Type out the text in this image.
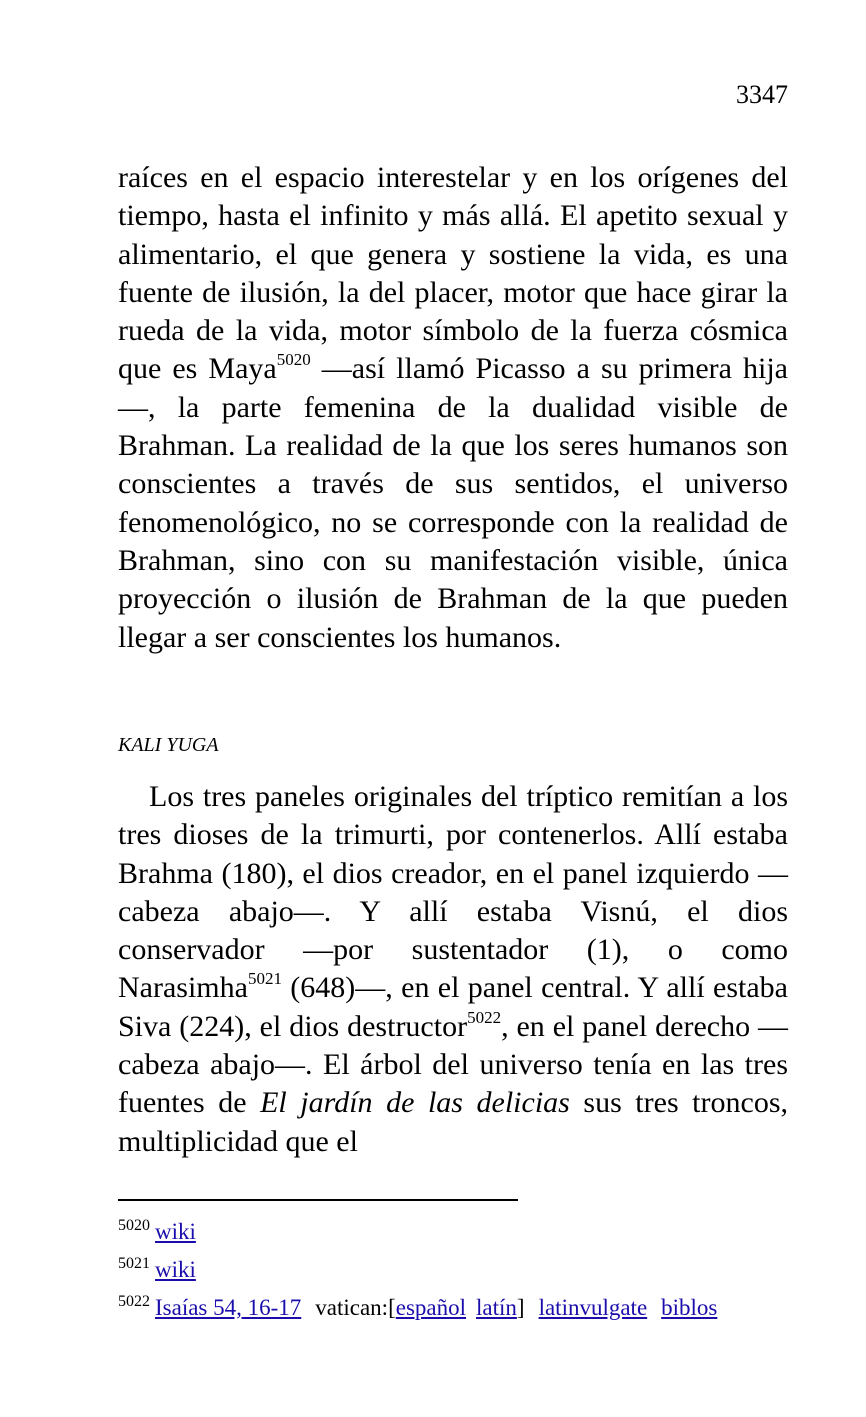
3347

raíces en el espacio interestelar y en los orígenes del tiempo, hasta el infinito y más allá. El apetito sexual y alimentario, el que genera y sostiene la vida, es una fuente de ilusión, la del placer, motor que hace girar la rueda de la vida, motor símbolo de la fuerza cósmica que es Maya$^{5020}$ —así llamó Picasso a su primera hija—, la parte femenina de la dualidad visible de Brahman. La realidad de la que los seres humanos son conscientes a través de sus sentidos, el universo fenomenológico, no se corresponde con la realidad de Brahman, sino con su manifestación visible, única proyección o ilusión de Brahman de la que pueden llegar a ser conscientes los humanos.

KALI YUGA

Los tres paneles originales del tríptico remitían a los tres dioses de la trimurti, por contenerlos. Allí estaba Brahma (180), el dios creador, en el panel izquierdo —cabeza abajo—. Y allí estaba Visnú, el dios conservador —por sustentador (1), o como Narasimha$^{5021}$ (648)—, en el panel central. Y allí estaba Siva (224), el dios destructor$^{5022}$, en el panel derecho —cabeza abajo—. El árbol del universo tenía en las tres fuentes de El jardín de las delicias sus tres troncos, multiplicidad que el

$^{5020}$ wiki
$^{5021}$ wiki
$^{5022}$ Isaías 54, 16-17 vatican:[español latín] latinvulgate biblos
